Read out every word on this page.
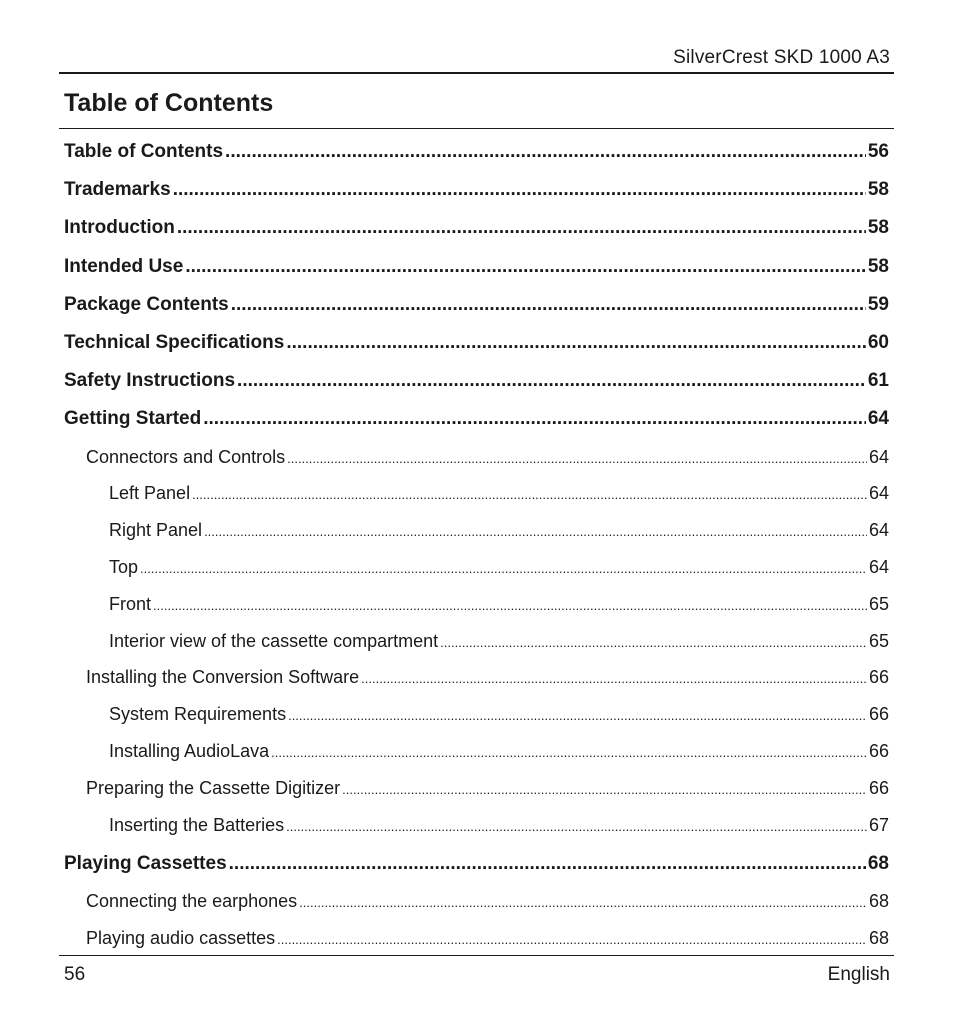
SilverCrest SKD 1000 A3
Table of Contents
Table of Contents .....	56
Trademarks .....	58
Introduction .....	58
Intended Use .....	58
Package Contents .....	59
Technical Specifications .....	60
Safety Instructions .....	61
Getting Started .....	64
Connectors and Controls .....	64
Left Panel .....	64
Right Panel .....	64
Top .....	64
Front .....	65
Interior view of the cassette compartment .....	65
Installing the Conversion Software .....	66
System Requirements .....	66
Installing AudioLava .....	66
Preparing the Cassette Digitizer .....	66
Inserting the Batteries .....	67
Playing Cassettes .....	68
Connecting the earphones .....	68
Playing audio cassettes .....	68
56	English
